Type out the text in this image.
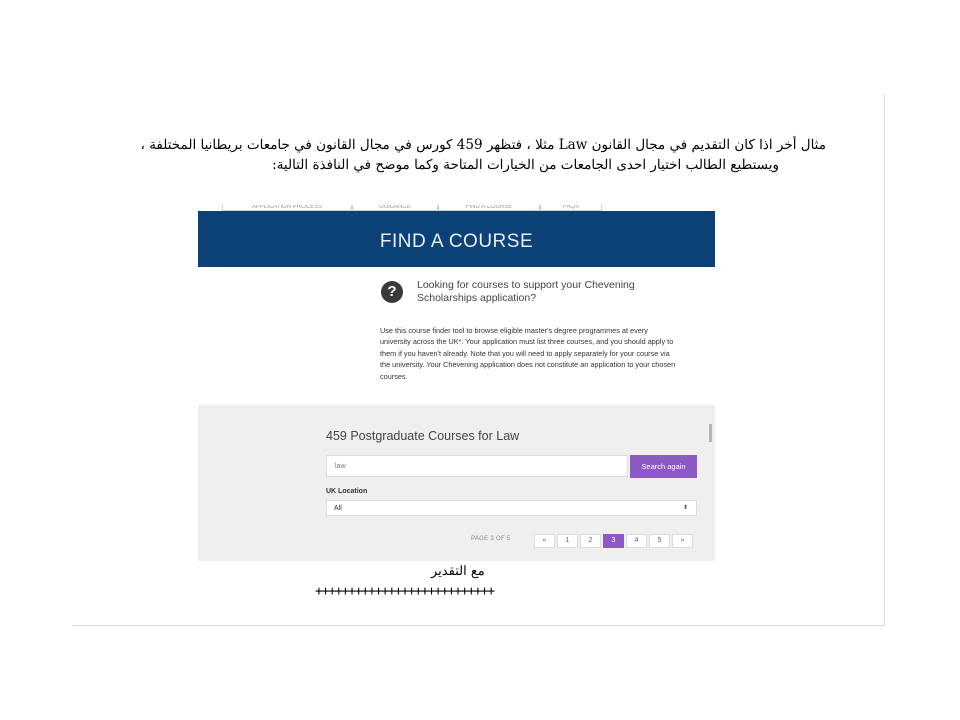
مثال أخر اذا كان التقديم في مجال القانون Law مثلا ، فتظهر 459 كورس في مجال القانون في جامعات بريطانيا المختلفة ،
ويستطيع الطالب اختيار احدى الجامعات من الخيارات المتاحة وكما موضح في النافذة التالية:
APPLICATION PROCESS	GUIDANCE	FIND A COURSE	FAQS
FIND A COURSE
?	Looking for courses to support your Chevening Scholarships application?
Use this course finder tool to browse eligible master's degree programmes at every university across the UK*. Your application must list three courses, and you should apply to them if you haven't already. Note that you will need to apply separately for your course via the university. Your Chevening application does not constitute an application to your chosen courses.
459 Postgraduate Courses for Law
law	Search again
UK Location
All	⬍
PAGE 3 OF 5	«	1	2	3	4	5	»
مع التقدير
+++++++++++++++++++++++++++
